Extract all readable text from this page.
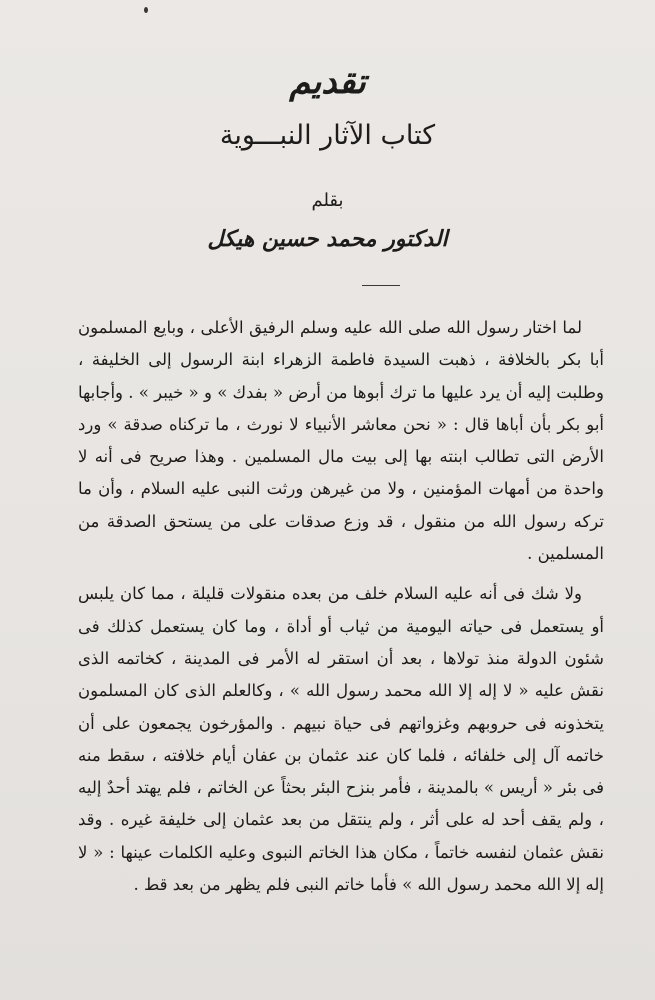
تقديم
كتاب الآثار النبـــوية
بقلم
الدكتور محمد حسين هيكل

لما اختار رسول الله صلى الله عليه وسلم الرفيق الأعلى ، وبايع المسلمون أبا بكر بالخلافة ، ذهبت السيدة فاطمة الزهراء ابنة الرسول إلى الخليفة ، وطلبت إليه أن يرد عليها ما ترك أبوها من أرض « بفدك » و « خيبر » . وأجابها أبو بكر بأن أباها قال : « نحن معاشر الأنبياء لا نورث ، ما تركناه صدقة » ورد الأرض التى تطالب ابنته بها إلى بيت مال المسلمين . وهذا صريح فى أنه لا واحدة من أمهات المؤمنين ، ولا من غيرهن ورثت النبى عليه السلام ، وأن ما تركه رسول الله من منقول ، قد وزع صدقات على من يستحق الصدقة من المسلمين .

ولا شك فى أنه عليه السلام خلف من بعده منقولات قليلة ، مما كان يلبس أو يستعمل فى حياته اليومية من ثياب أو أداة ، وما كان يستعمل كذلك فى شئون الدولة منذ تولاها ، بعد أن استقر له الأمر فى المدينة ، كخاتمه الذى نقش عليه « لا إله إلا الله محمد رسول الله » ، وكالعلم الذى كان المسلمون يتخذونه فى حروبهم وغزواتهم فى حياة نبيهم . والمؤرخون يجمعون على أن خاتمه آل إلى خلفائه ، فلما كان عند عثمان بن عفان أيام خلافته ، سقط منه فى بئر « أريس » بالمدينة ، فأمر بنزح البئر بحثاً عن الخاتم ، فلم يهتد أحدٌ إليه ، ولم يقف أحد له على أثر ، ولم ينتقل من بعد عثمان إلى خليفة غيره . وقد نقش عثمان لنفسه خاتماً ، مكان هذا الخاتم النبوى وعليه الكلمات عينها : « لا إله إلا الله محمد رسول الله » فأما خاتم النبى فلم يظهر من بعد قط .
